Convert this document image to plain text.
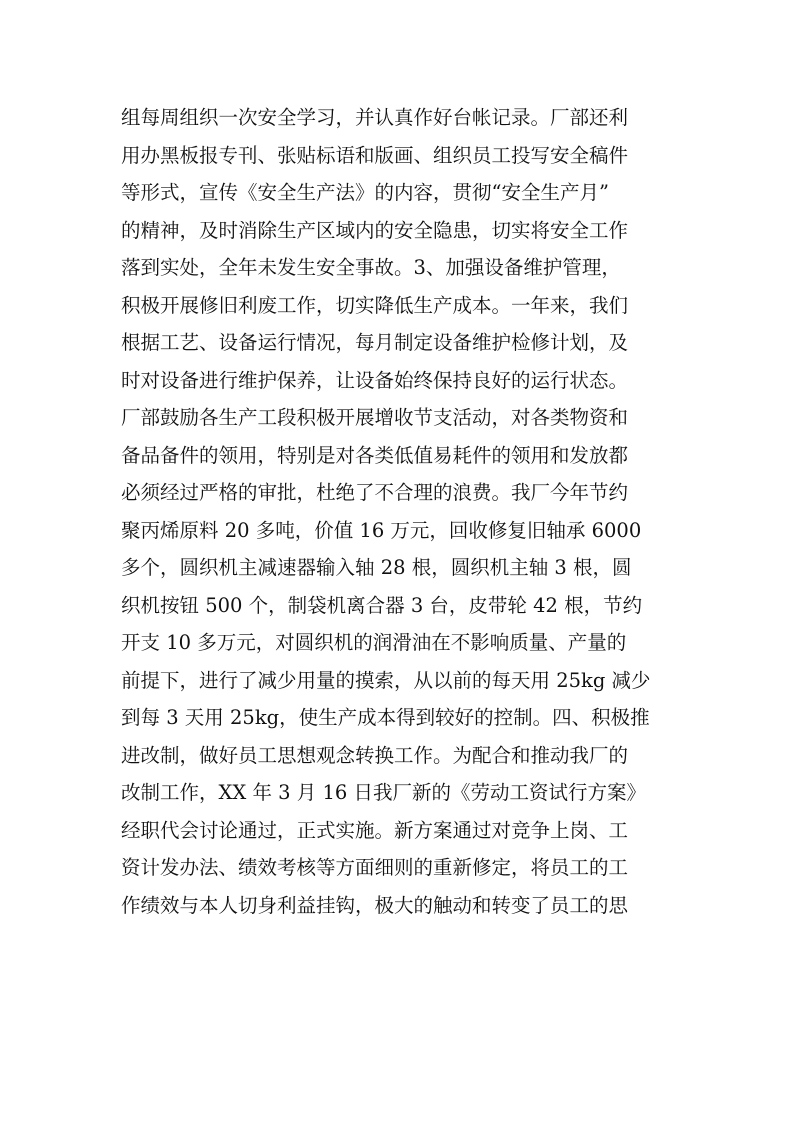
组每周组织一次安全学习，并认真作好台帐记录。厂部还利
用办黑板报专刊、张贴标语和版画、组织员工投写安全稿件
等形式，宣传《安全生产法》的内容，贯彻“安全生产月”
的精神，及时消除生产区域内的安全隐患，切实将安全工作
落到实处，全年未发生安全事故。3、加强设备维护管理，
积极开展修旧利废工作，切实降低生产成本。一年来，我们
根据工艺、设备运行情况，每月制定设备维护检修计划，及
时对设备进行维护保养，让设备始终保持良好的运行状态。
厂部鼓励各生产工段积极开展增收节支活动，对各类物资和
备品备件的领用，特别是对各类低值易耗件的领用和发放都
必须经过严格的审批，杜绝了不合理的浪费。我厂今年节约
聚丙烯原料 20 多吨，价值 16 万元，回收修复旧轴承 6000
多个，圆织机主减速器输入轴 28 根，圆织机主轴 3 根，圆
织机按钮 500 个，制袋机离合器 3 台，皮带轮 42 根，节约
开支 10 多万元，对圆织机的润滑油在不影响质量、产量的
前提下，进行了减少用量的摸索，从以前的每天用 25kg 减少
到每 3 天用 25kg，使生产成本得到较好的控制。四、积极推
进改制，做好员工思想观念转换工作。为配合和推动我厂的
改制工作，XX 年 3 月 16 日我厂新的《劳动工资试行方案》
经职代会讨论通过，正式实施。新方案通过对竞争上岗、工
资计发办法、绩效考核等方面细则的重新修定，将员工的工
作绩效与本人切身利益挂钩，极大的触动和转变了员工的思
